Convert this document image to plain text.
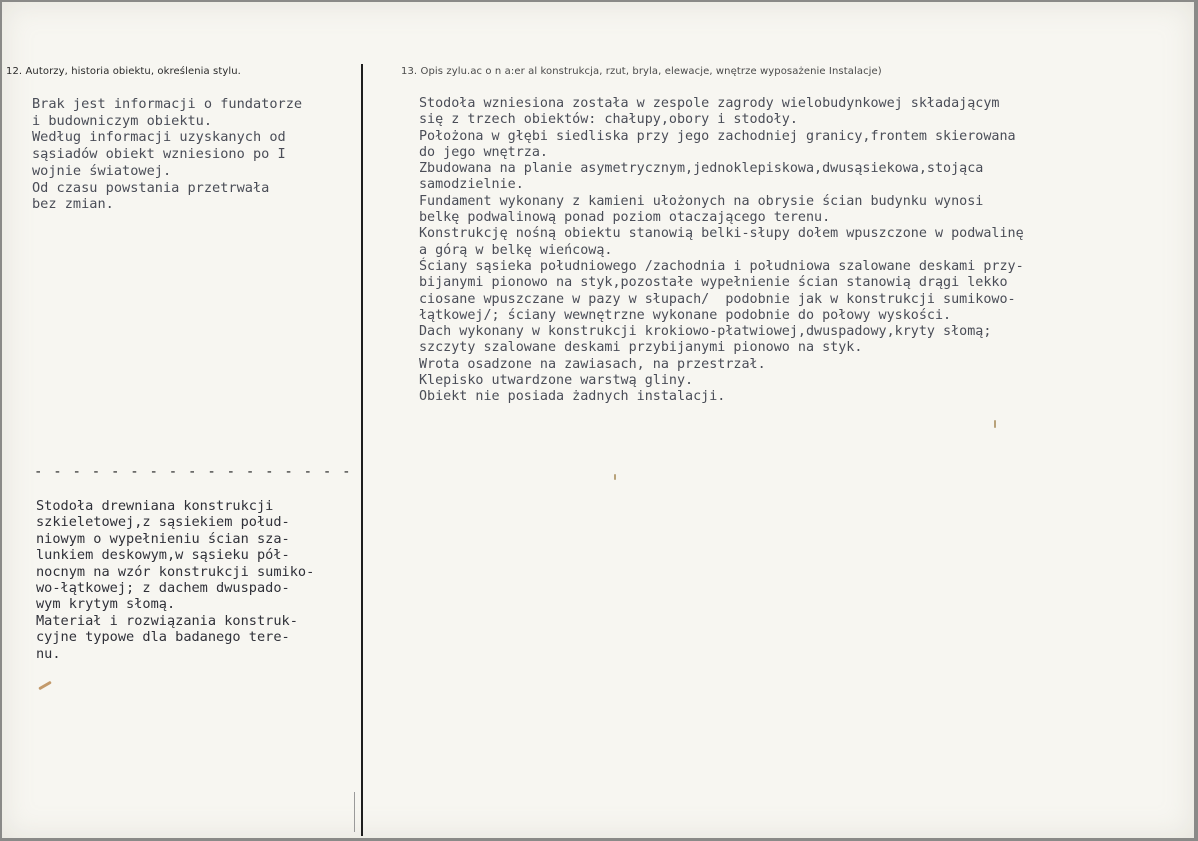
12. Autorzy, historia obiektu, określenia stylu.	13. Opis zylu.ac o n a:er al konstrukcja, rzut, bryla, elewacje, wnętrze wyposażenie Instalacje)
Brak jest informacji o fundatorze
i budowniczym obiektu.
Według informacji uzyskanych od
sąsiadów obiekt wzniesiono po I
wojnie światowej.
Od czasu powstania przetrwała
bez zmian.
Stodoła wzniesiona została w zespole zagrody wielobudynkowej składającym
się z trzech obiektów: chałupy,obory i stodoły.
Położona w głębi siedliska przy jego zachodniej granicy,frontem skierowana
do jego wnętrza.
Zbudowana na planie asymetrycznym,jednoklepiskowa,dwusąsiekowa,stojąca
samodzielnie.
Fundament wykonany z kamieni ułożonych na obrysie ścian budynku wynosi
belkę podwalinową ponad poziom otaczającego terenu.
Konstrukcję nośną obiektu stanowią belki-słupy dołem wpuszczone w podwalinę
a górą w belkę wieńcową.
Ściany sąsieka południowego /zachodnia i południowa szalowane deskami przy-
bijanymi pionowo na styk,pozostałe wypełnienie ścian stanowią drągi lekko
ciosane wpuszczane w pazy w słupach/  podobnie jak w konstrukcji sumikowo-
łątkowej/; ściany wewnętrzne wykonane podobnie do połowy wyskości.
Dach wykonany w konstrukcji krokiowo-płatwiowej,dwuspadowy,kryty słomą;
szczyty szalowane deskami przybijanymi pionowo na styk.
Wrota osadzone na zawiasach, na przestrzał.
Klepisko utwardzone warstwą gliny.
Obiekt nie posiada żadnych instalacji.
- - - - - - - - - - - - - - - - -
Stodoła drewniana konstrukcji
szkieletowej,z sąsiekiem połud-
niowym o wypełnieniu ścian sza-
lunkiem deskowym,w sąsieku pół-
nocnym na wzór konstrukcji sumiko-
wo-łątkowej; z dachem dwuspado-
wym krytym słomą.
Materiał i rozwiązania konstruk-
cyjne typowe dla badanego tere-
nu.
